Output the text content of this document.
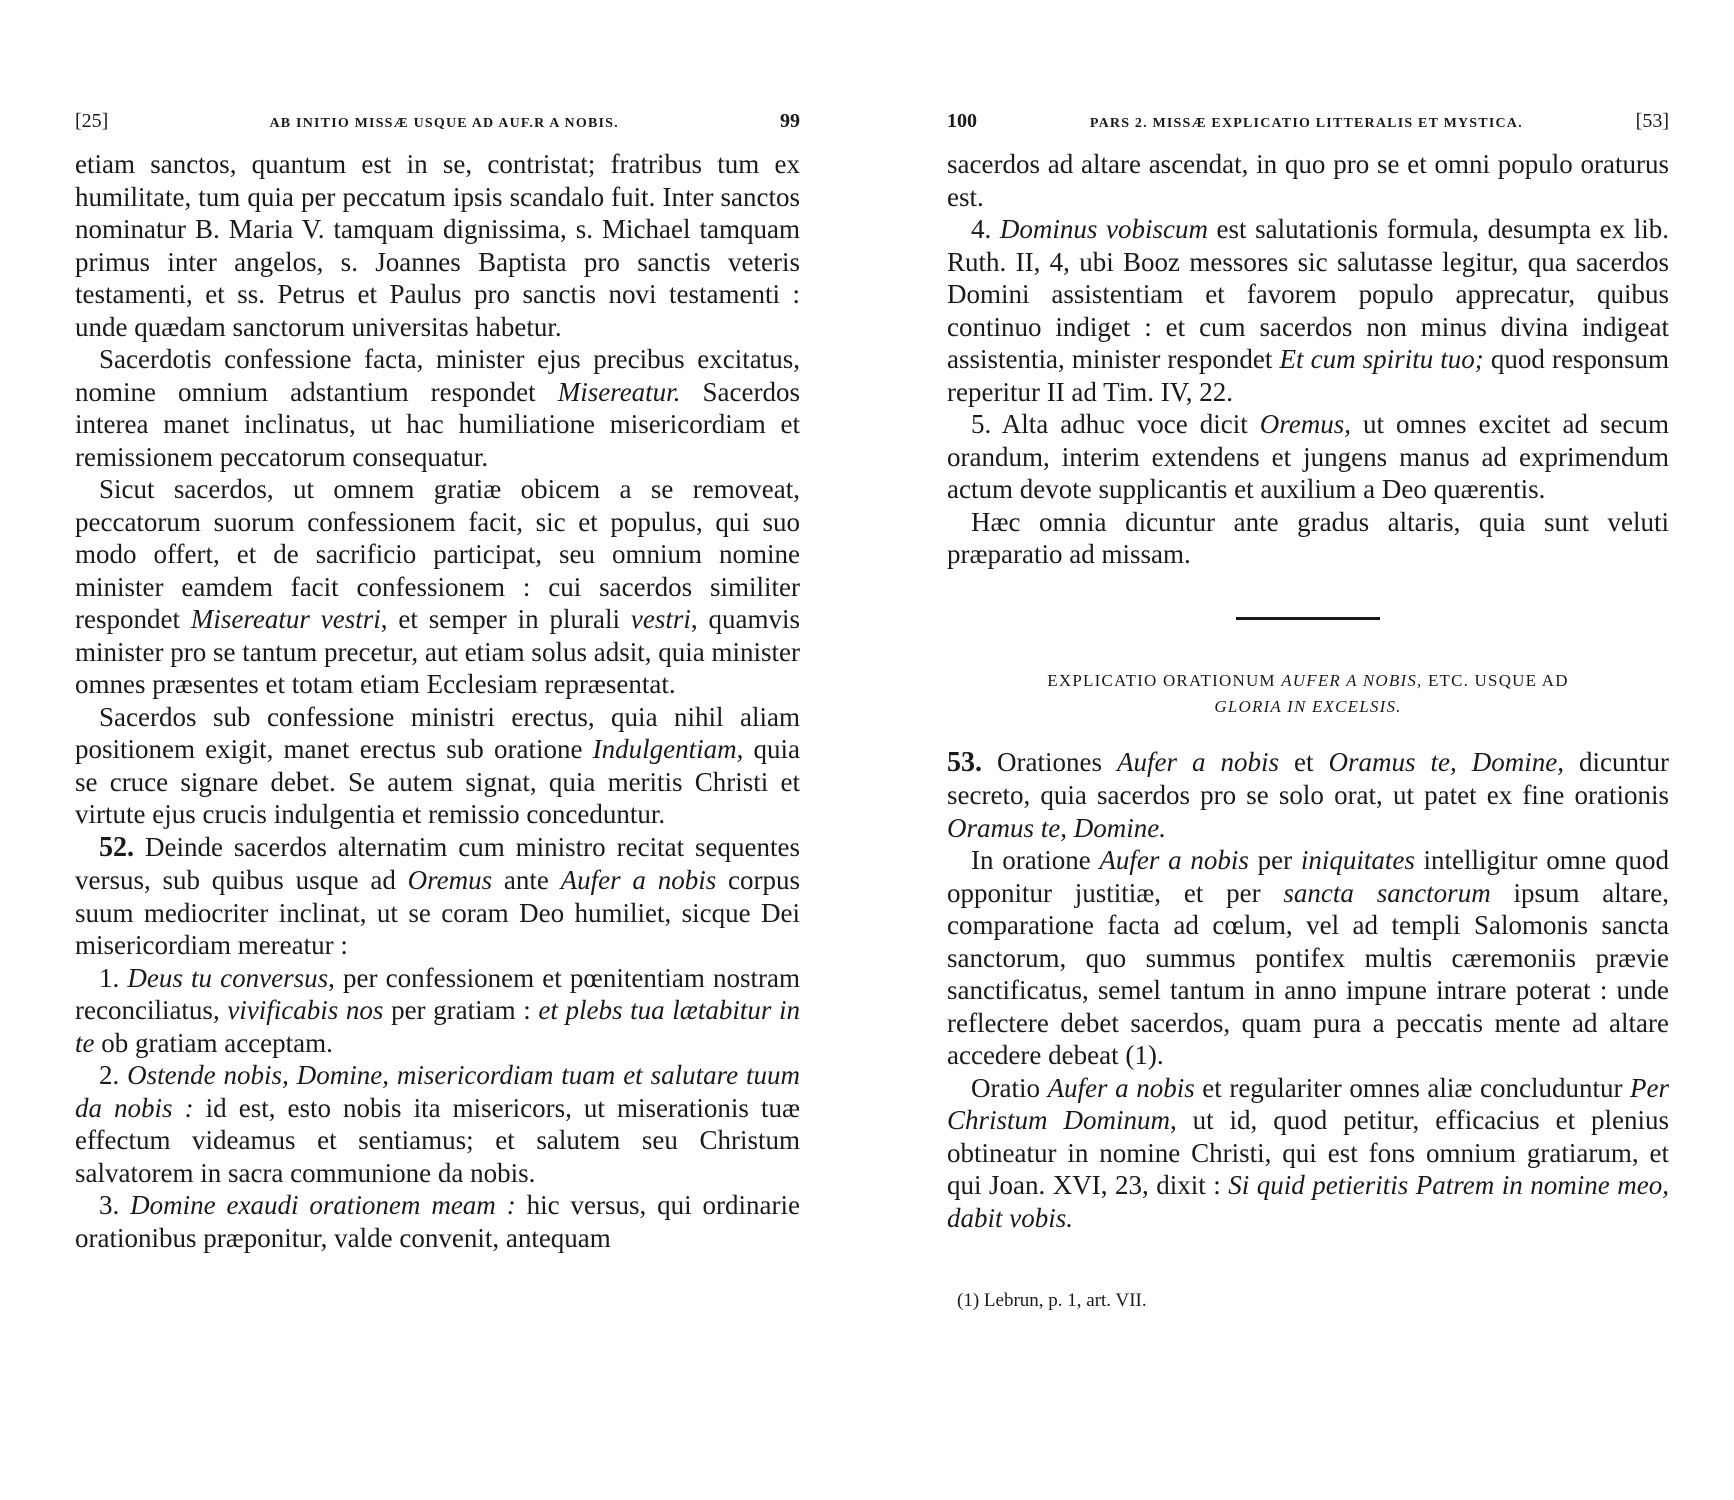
[25]	AB INITIO MISSÆ USQUE AD AUF.R A NOBIS.	99

etiam sanctos, quantum est in se, contristat; fratribus tum ex humilitate, tum quia per peccatum ipsis scandalo fuit. Inter sanctos nominatur B. Maria V. tamquam dignissima, s. Michael tamquam primus inter angelos, s. Joannes Baptista pro sanctis veteris testamenti, et ss. Petrus et Paulus pro sanctis novi testamenti : unde quædam sanctorum universitas habetur.

Sacerdotis confessione facta, minister ejus precibus excitatus, nomine omnium adstantium respondet Misereatur. Sacerdos interea manet inclinatus, ut hac humiliatione misericordiam et remissionem peccatorum consequatur.

Sicut sacerdos, ut omnem gratiæ obicem a se removeat, peccatorum suorum confessionem facit, sic et populus, qui suo modo offert, et de sacrificio participat, seu omnium nomine minister eamdem facit confessionem : cui sacerdos similiter respondet Misereatur vestri, et semper in plurali vestri, quamvis minister pro se tantum precetur, aut etiam solus adsit, quia minister omnes præsentes et totam etiam Ecclesiam repræsentat.

Sacerdos sub confessione ministri erectus, quia nihil aliam positionem exigit, manet erectus sub oratione Indulgentiam, quia se cruce signare debet. Se autem signat, quia meritis Christi et virtute ejus crucis indulgentia et remissio conceduntur.

52. Deinde sacerdos alternatim cum ministro recitat sequentes versus, sub quibus usque ad Oremus ante Aufer a nobis corpus suum mediocriter inclinat, ut se coram Deo humiliet, sicque Dei misericordiam mereatur :

1. Deus tu conversus, per confessionem et pœnitentiam nostram reconciliatus, vivificabis nos per gratiam : et plebs tua lætabitur in te ob gratiam acceptam.

2. Ostende nobis, Domine, misericordiam tuam et salutare tuum da nobis : id est, esto nobis ita misericors, ut miserationis tuæ effectum videamus et sentiamus; et salutem seu Christum salvatorem in sacra communione da nobis.

3. Domine exaudi orationem meam : hic versus, qui ordinarie orationibus præponitur, valde convenit, antequam

100	PARS 2. MISSÆ EXPLICATIO LITTERALIS ET MYSTICA.	[53]

sacerdos ad altare ascendat, in quo pro se et omni populo oraturus est.

4. Dominus vobiscum est salutationis formula, desumpta ex lib. Ruth. II, 4, ubi Booz messores sic salutasse legitur, qua sacerdos Domini assistentiam et favorem populo apprecatur, quibus continuo indiget : et cum sacerdos non minus divina indigeat assistentia, minister respondet Et cum spiritu tuo; quod responsum reperitur II ad Tim. IV, 22.

5. Alta adhuc voce dicit Oremus, ut omnes excitet ad secum orandum, interim extendens et jungens manus ad exprimendum actum devote supplicantis et auxilium a Deo quærentis.

Hæc omnia dicuntur ante gradus altaris, quia sunt veluti præparatio ad missam.

EXPLICATIO ORATIONUM AUFER A NOBIS, ETC. USQUE AD
GLORIA IN EXCELSIS.

53. Orationes Aufer a nobis et Oramus te, Domine, dicuntur secreto, quia sacerdos pro se solo orat, ut patet ex fine orationis Oramus te, Domine.

In oratione Aufer a nobis per iniquitates intelligitur omne quod opponitur justitiæ, et per sancta sanctorum ipsum altare, comparatione facta ad cœlum, vel ad templi Salomonis sancta sanctorum, quo summus pontifex multis cæremoniis prævie sanctificatus, semel tantum in anno impune intrare poterat : unde reflectere debet sacerdos, quam pura a peccatis mente ad altare accedere debeat (1).

Oratio Aufer a nobis et regulariter omnes aliæ concluduntur Per Christum Dominum, ut id, quod petitur, efficacius et plenius obtineatur in nomine Christi, qui est fons omnium gratiarum, et qui Joan. XVI, 23, dixit : Si quid petieritis Patrem in nomine meo, dabit vobis.

(1) Lebrun, p. 1, art. VII.
